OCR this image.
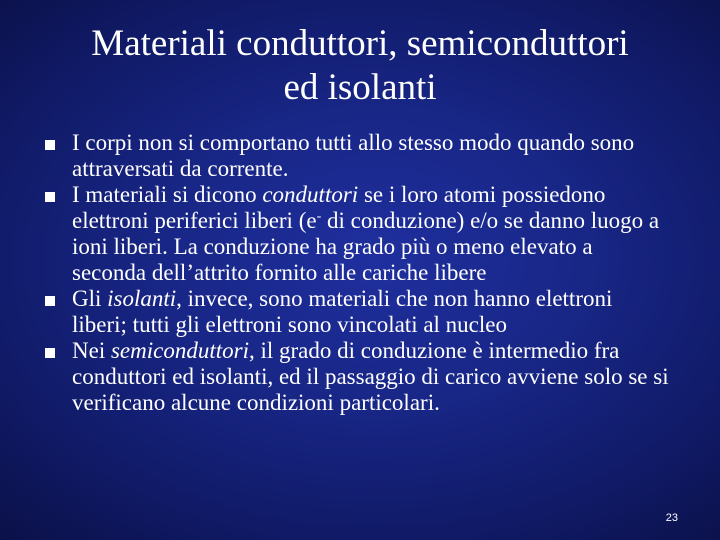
Materiali conduttori, semiconduttori
ed isolanti
I corpi non si comportano tutti allo stesso modo quando sono attraversati da corrente.
I materiali si dicono conduttori se i loro atomi possiedono elettroni periferici liberi (e- di conduzione) e/o se danno luogo a ioni liberi. La conduzione ha grado più o meno elevato a seconda dell’attrito fornito alle cariche libere
Gli isolanti, invece, sono materiali che non hanno elettroni liberi; tutti gli elettroni sono vincolati al nucleo
Nei semiconduttori, il grado di conduzione è intermedio fra conduttori ed isolanti, ed il passaggio di carico avviene solo se si verificano alcune condizioni particolari.
23
